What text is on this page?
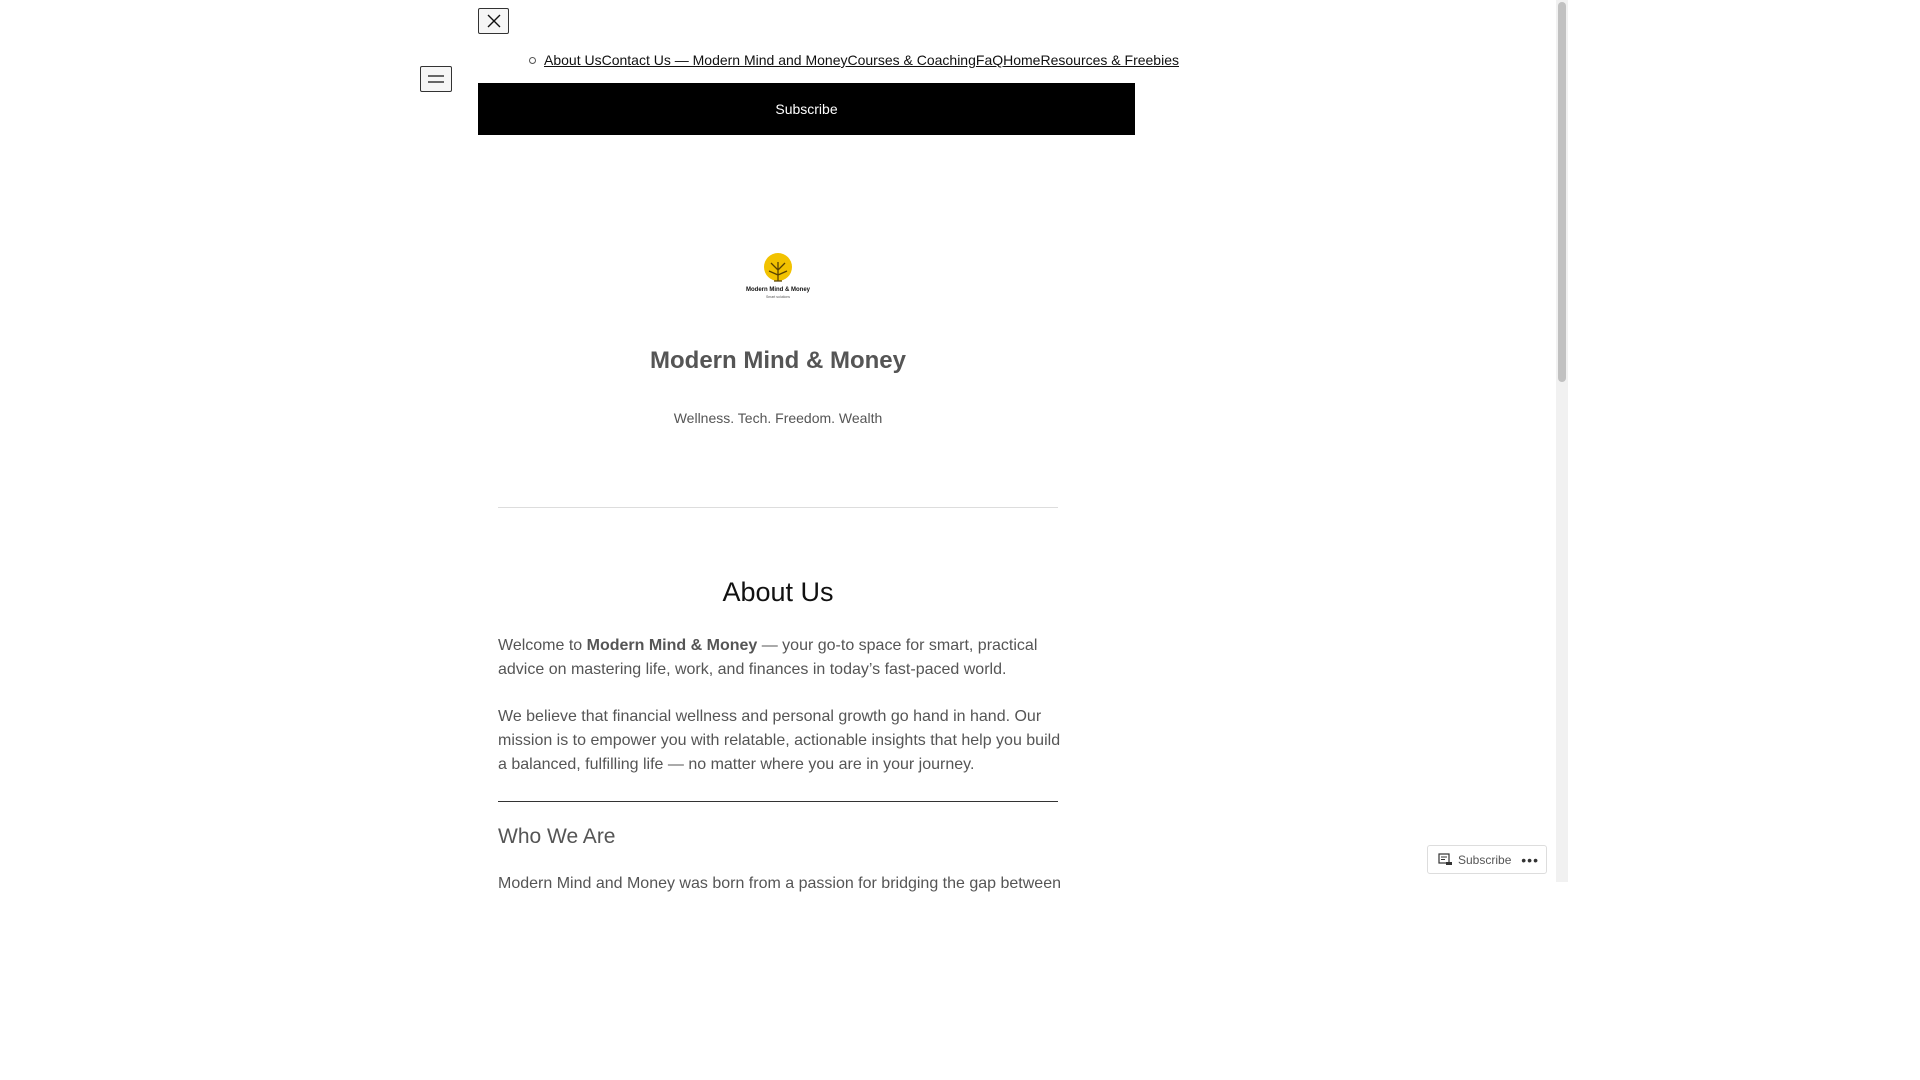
About Us Contact Us — Modern Mind and Money Courses & Coaching FaQ Home Resources & Freebies
Subscribe
Modern Mind & Money
Smart solutions
Modern Mind & Money
Wellness. Tech. Freedom. Wealth
About Us
Welcome to Modern Mind & Money — your go-to space for smart, practical advice on mastering life, work, and finances in today’s fast-paced world.
We believe that financial wellness and personal growth go hand in hand. Our mission is to empower you with relatable, actionable insights that help you build a balanced, fulfilling life — no matter where you are in your journey.
Who We Are
Modern Mind and Money was born from a passion for bridging the gap between
Subscribe •••
